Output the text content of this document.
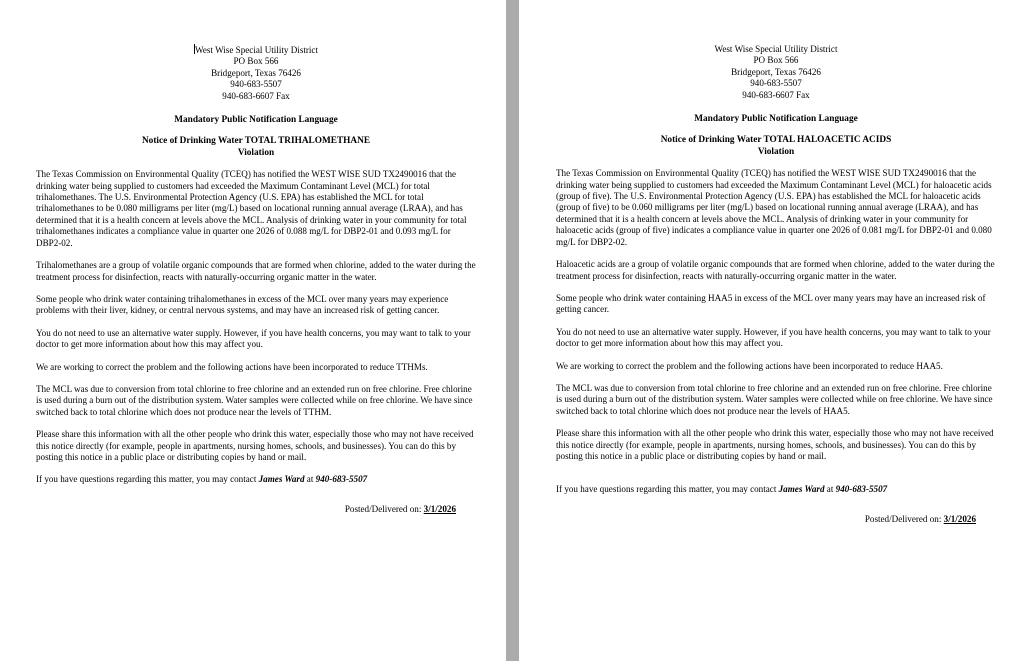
West Wise Special Utility District
PO Box 566
Bridgeport, Texas 76426
940-683-5507
940-683-6607 Fax
Mandatory Public Notification Language
Notice of Drinking Water TOTAL TRIHALOMETHANE
Violation
The Texas Commission on Environmental Quality (TCEQ) has notified the WEST WISE SUD TX2490016 that the drinking water being supplied to customers had exceeded the Maximum Contaminant Level (MCL) for total trihalomethanes. The U.S. Environmental Protection Agency (U.S. EPA) has established the MCL for total trihalomethanes to be 0.080 milligrams per liter (mg/L) based on locational running annual average (LRAA), and has determined that it is a health concern at levels above the MCL. Analysis of drinking water in your community for total trihalomethanes indicates a compliance value in quarter one 2026 of 0.088 mg/L for DBP2-01 and 0.093 mg/L for DBP2-02.
Trihalomethanes are a group of volatile organic compounds that are formed when chlorine, added to the water during the treatment process for disinfection, reacts with naturally-occurring organic matter in the water.
Some people who drink water containing trihalomethanes in excess of the MCL over many years may experience problems with their liver, kidney, or central nervous systems, and may have an increased risk of getting cancer.
You do not need to use an alternative water supply. However, if you have health concerns, you may want to talk to your doctor to get more information about how this may affect you.
We are working to correct the problem and the following actions have been incorporated to reduce TTHMs.
The MCL was due to conversion from total chlorine to free chlorine and an extended run on free chlorine. Free chlorine is used during a burn out of the distribution system. Water samples were collected while on free chlorine. We have since switched back to total chlorine which does not produce near the levels of TTHM.
Please share this information with all the other people who drink this water, especially those who may not have received this notice directly (for example, people in apartments, nursing homes, schools, and businesses). You can do this by posting this notice in a public place or distributing copies by hand or mail.
If you have questions regarding this matter, you may contact James Ward at 940-683-5507
Posted/Delivered on: 3/1/2026
West Wise Special Utility District
PO Box 566
Bridgeport, Texas 76426
940-683-5507
940-683-6607 Fax
Mandatory Public Notification Language
Notice of Drinking Water TOTAL HALOACETIC ACIDS
Violation
The Texas Commission on Environmental Quality (TCEQ) has notified the WEST WISE SUD TX2490016 that the drinking water being supplied to customers had exceeded the Maximum Contaminant Level (MCL) for haloacetic acids (group of five). The U.S. Environmental Protection Agency (U.S. EPA) has established the MCL for haloacetic acids (group of five) to be 0.060 milligrams per liter (mg/L) based on locational running annual average (LRAA), and has determined that it is a health concern at levels above the MCL. Analysis of drinking water in your community for haloacetic acids (group of five) indicates a compliance value in quarter one 2026 of 0.081 mg/L for DBP2-01 and 0.080 mg/L for DBP2-02.
Haloacetic acids are a group of volatile organic compounds that are formed when chlorine, added to the water during the treatment process for disinfection, reacts with naturally-occurring organic matter in the water.
Some people who drink water containing HAA5 in excess of the MCL over many years may have an increased risk of getting cancer.
You do not need to use an alternative water supply. However, if you have health concerns, you may want to talk to your doctor to get more information about how this may affect you.
We are working to correct the problem and the following actions have been incorporated to reduce HAA5.
The MCL was due to conversion from total chlorine to free chlorine and an extended run on free chlorine. Free chlorine is used during a burn out of the distribution system. Water samples were collected while on free chlorine. We have since switched back to total chlorine which does not produce near the levels of HAA5.
Please share this information with all the other people who drink this water, especially those who may not have received this notice directly (for example, people in apartments, nursing homes, schools, and businesses). You can do this by posting this notice in a public place or distributing copies by hand or mail.
If you have questions regarding this matter, you may contact James Ward at 940-683-5507
Posted/Delivered on: 3/1/2026
